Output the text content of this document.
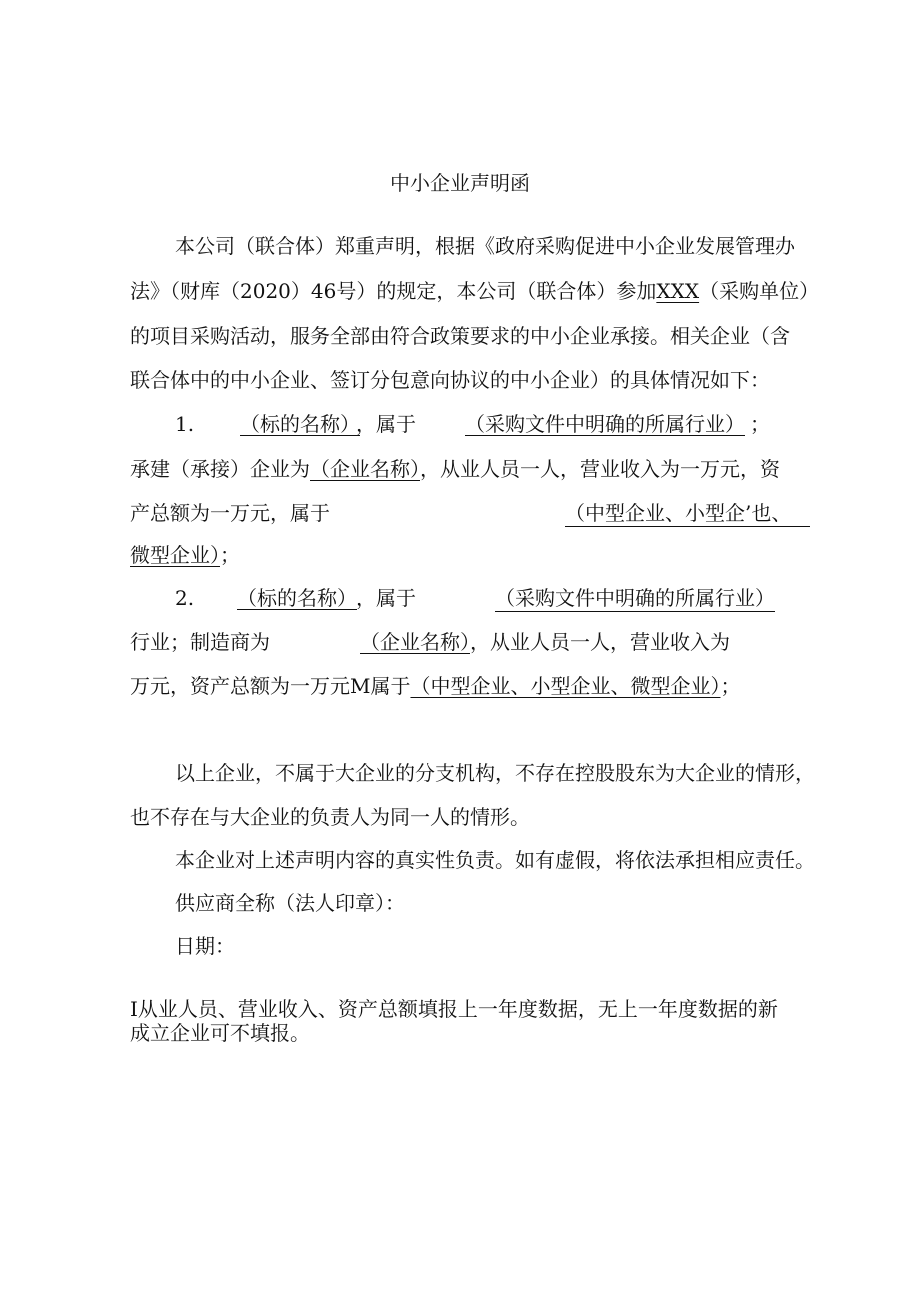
中小企业声明函
本公司（联合体）郑重声明，根据《政府采购促进中小企业发展管理办
法》（财库（2020）46号）的规定，本公司（联合体）参加XXX（采购单位）
的项目采购活动，服务全部由符合政策要求的中小企业承接。相关企业（含
联合体中的中小企业、签订分包意向协议的中小企业）的具体情况如下：
1. （标的名称）
，属于 （采购文件中明确的所属行业） ；
承建（承接）企业为（企业名称），从业人员一人，营业收入为一万元，资
产总额为一万元，属于	（中型企业、小型企’也、
微型企业）；
2. （标的名称） ，属于	（采购文件中明确的所属行业）
行业；制造商为	（企业名称），从业人员一人，营业收入为
万元，资产总额为一万元M属于（中型企业、小型企业、微型企业）；
以上企业，不属于大企业的分支机构，不存在控股股东为大企业的情形，
也不存在与大企业的负责人为同一人的情形。
本企业对上述声明内容的真实性负责。如有虚假，将依法承担相应责任。
供应商全称（法人印章）：
日期：
I从业人员、营业收入、资产总额填报上一年度数据，无上一年度数据的新
成立企业可不填报。
